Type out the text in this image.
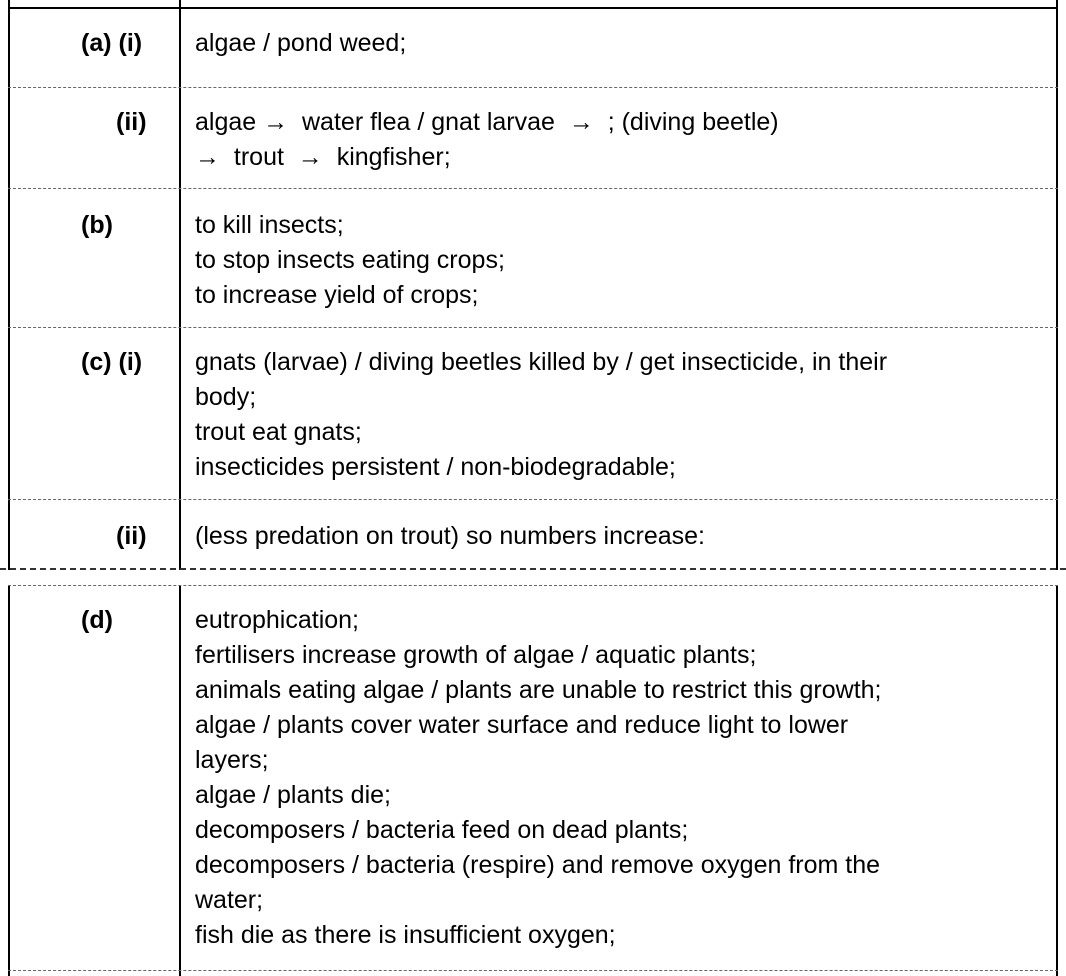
(a) (i) algae / pond weed;
(ii) algae →  water flea / gnat larvae  →  ; (diving beetle)
→  trout  →  kingfisher;
(b)	to kill insects;
to stop insects eating crops;
to increase yield of crops;
(c) (i) gnats (larvae) / diving beetles killed by / get insecticide, in their
body;
trout eat gnats;
insecticides persistent / non-biodegradable;
(ii) (less predation on trout) so numbers increase:
(d)	eutrophication;
fertilisers increase growth of algae / aquatic plants;
animals eating algae / plants are unable to restrict this growth;
algae / plants cover water surface and reduce light to lower
layers;
algae / plants die;
decomposers / bacteria feed on dead plants;
decomposers / bacteria (respire) and remove oxygen from the
water;
fish die as there is insufficient oxygen;
